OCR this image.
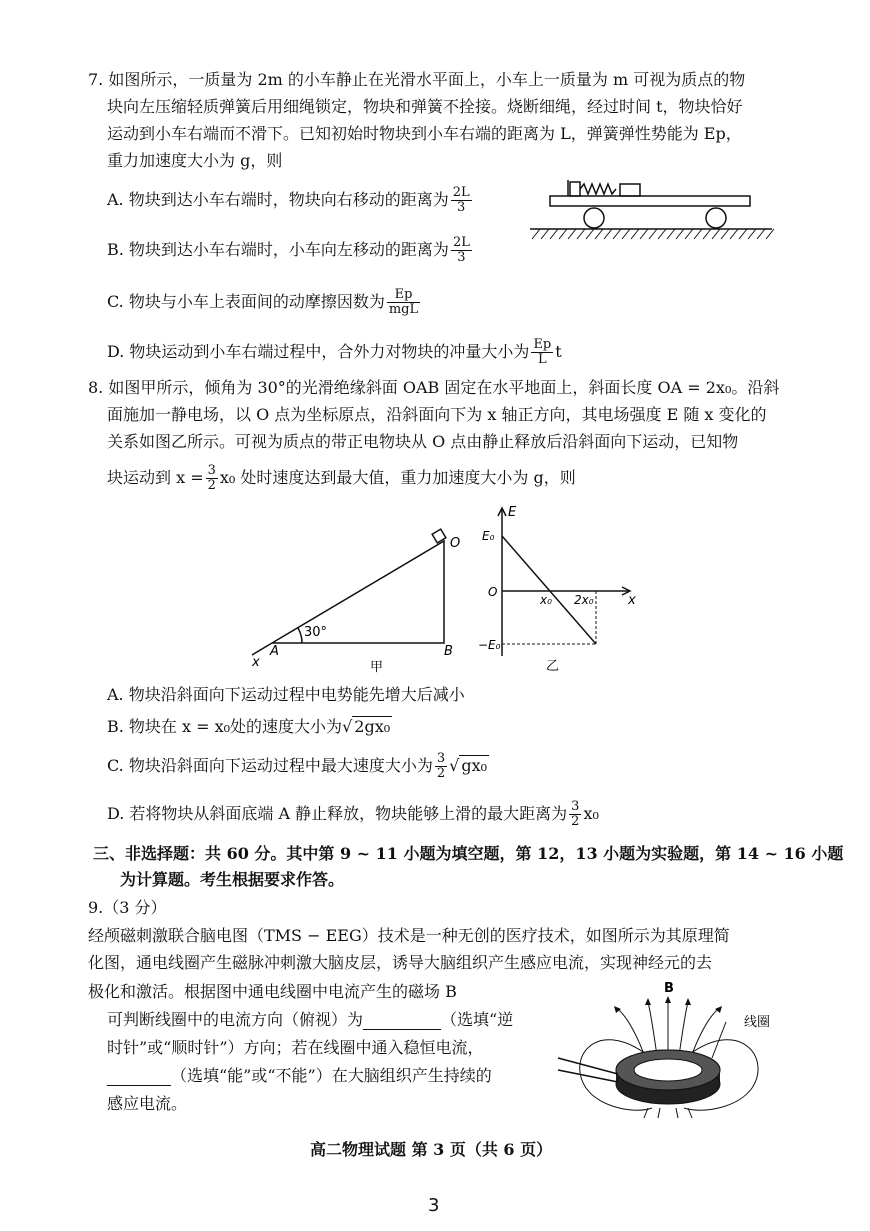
7. 如图所示，一质量为 2m 的小车静止在光滑水平面上，小车上一质量为 m 可视为质点的物
块向左压缩轻质弹簧后用细绳锁定，物块和弹簧不拴接。烧断细绳，经过时间 t，物块恰好
运动到小车右端而不滑下。已知初始时物块到小车右端的距离为 L，弹簧弹性势能为 Ep，
重力加速度大小为 g，则
A. 物块到达小车右端时，物块向右移动的距离为 $\frac{2L}{3}$
B. 物块到达小车右端时，小车向左移动的距离为 $\frac{2L}{3}$
C. 物块与小车上表面间的动摩擦因数为 $\frac{Ep}{\text{mgL}}$
D. 物块运动到小车右端过程中，合外力对物块的冲量大小为 $\frac{Ep}{L}$ t
8. 如图甲所示，倾角为 30°的光滑绝缘斜面 OAB 固定在水平地面上，斜面长度 OA = 2x₀。沿斜
面施加一静电场，以 O 点为坐标原点，沿斜面向下为 x 轴正方向，其电场强度 E 随 x 变化的
关系如图乙所示。可视为质点的带正电物块从 O 点由静止释放后沿斜面向下运动，已知物
块运动到 $x = \frac{3}{2} x_0$ 处时速度达到最大值，重力加速度大小为 g，则
x
A	B
O
30°
甲
E
E₀
O
x₀ 2x₀	x
−E₀
乙
A. 物块沿斜面向下运动过程中电势能先增大后减小
B. 物块在 x = x₀处的速度大小为√ 2gx₀
C. 物块沿斜面向下运动过程中最大速度大小为 $\frac{3}{2}$ √ gx₀
D. 若将物块从斜面底端 A 静止释放，物块能够上滑的最大距离为 $\frac{3}{2} x_0$
三、非选择题：共 60 分。其中第 9 ~ 11 小题为填空题，第 12，13 小题为实验题，第 14 ~ 16 小题
为计算题。考生根据要求作答。
9.（3 分）
经颅磁刺激联合脑电图（TMS − EEG）技术是一种无创的医疗技术，如图所示为其原理简
化图，通电线圈产生磁脉冲刺激大脑皮层，诱导大脑组织产生感应电流，实现神经元的去
极化和激活。根据图中通电线圈中电流产生的磁场 B
可判断线圈中的电流方向（俯视）为	（选填“逆
时针”或“顺时针”）方向；若在线圈中通入稳恒电流，
（选填“能”或“不能”）在大脑组织产生持续的
感应电流。
B
线圈
高二物理试题 第 3 页（共 6 页）
3
